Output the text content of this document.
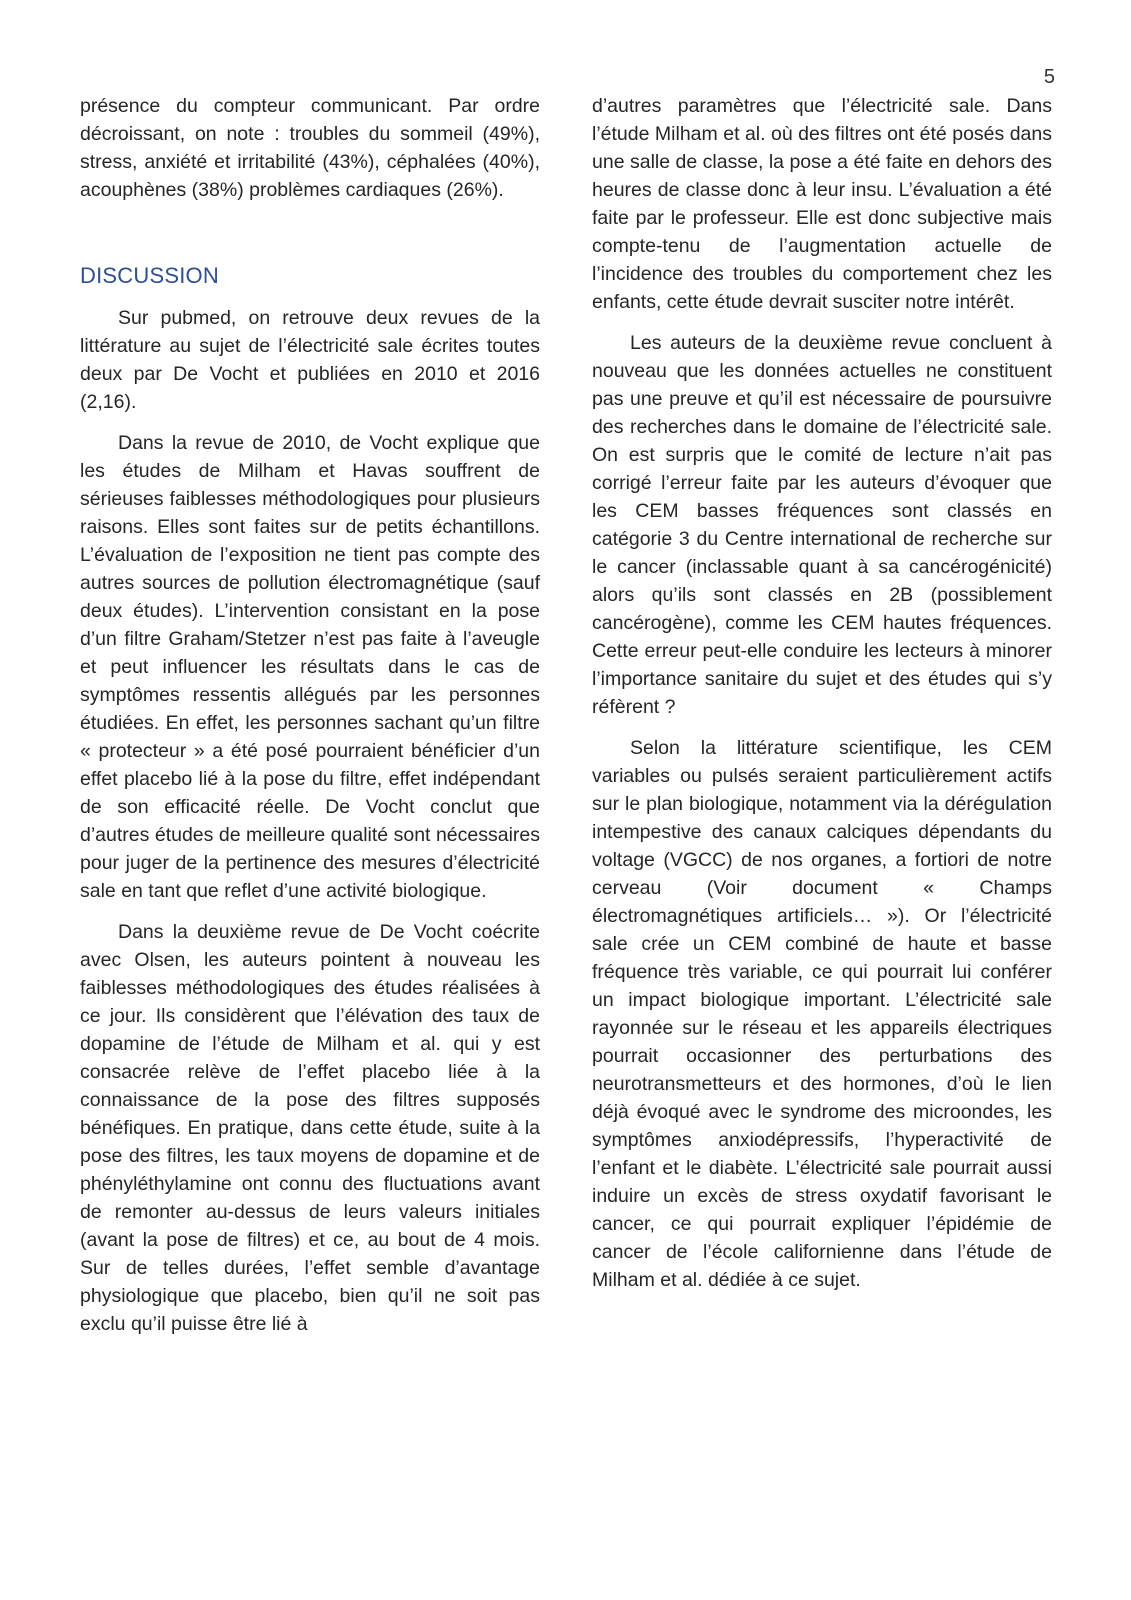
5

présence du compteur communicant. Par ordre décroissant, on note : troubles du sommeil (49%), stress, anxiété et irritabilité (43%), céphalées (40%), acouphènes (38%) problèmes cardiaques (26%).

DISCUSSION

Sur pubmed, on retrouve deux revues de la littérature au sujet de l’électricité sale écrites toutes deux par De Vocht et publiées en 2010 et 2016 (2,16).

Dans la revue de 2010, de Vocht explique que les études de Milham et Havas souffrent de sérieuses faiblesses méthodologiques pour plusieurs raisons. Elles sont faites sur de petits échantillons. L’évaluation de l’exposition ne tient pas compte des autres sources de pollution électromagnétique (sauf deux études). L’intervention consistant en la pose d’un filtre Graham/Stetzer n’est pas faite à l’aveugle et peut influencer les résultats dans le cas de symptômes ressentis allégués par les personnes étudiées. En effet, les personnes sachant qu’un filtre « protecteur » a été posé pourraient bénéficier d’un effet placebo lié à la pose du filtre, effet indépendant de son efficacité réelle. De Vocht conclut que d’autres études de meilleure qualité sont nécessaires pour juger de la pertinence des mesures d’électricité sale en tant que reflet d’une activité biologique.

Dans la deuxième revue de De Vocht coécrite avec Olsen, les auteurs pointent à nouveau les faiblesses méthodologiques des études réalisées à ce jour. Ils considèrent que l’élévation des taux de dopamine de l’étude de Milham et al. qui y est consacrée relève de l’effet placebo liée à la connaissance de la pose des filtres supposés bénéfiques. En pratique, dans cette étude, suite à la pose des filtres, les taux moyens de dopamine et de phényléthylamine ont connu des fluctuations avant de remonter au-dessus de leurs valeurs initiales (avant la pose de filtres) et ce, au bout de 4 mois. Sur de telles durées, l’effet semble d’avantage physiologique que placebo, bien qu’il ne soit pas exclu qu’il puisse être lié à

d’autres paramètres que l’électricité sale. Dans l’étude Milham et al. où des filtres ont été posés dans une salle de classe, la pose a été faite en dehors des heures de classe donc à leur insu. L’évaluation a été faite par le professeur. Elle est donc subjective mais compte-tenu de l’augmentation actuelle de l’incidence des troubles du comportement chez les enfants, cette étude devrait susciter notre intérêt.

Les auteurs de la deuxième revue concluent à nouveau que les données actuelles ne constituent pas une preuve et qu’il est nécessaire de poursuivre des recherches dans le domaine de l’électricité sale. On est surpris que le comité de lecture n’ait pas corrigé l’erreur faite par les auteurs d’évoquer que les CEM basses fréquences sont classés en catégorie 3 du Centre international de recherche sur le cancer (inclassable quant à sa cancérogénicité) alors qu’ils sont classés en 2B (possiblement cancérogène), comme les CEM hautes fréquences. Cette erreur peut-elle conduire les lecteurs à minorer l’importance sanitaire du sujet et des études qui s’y réfèrent ?

Selon la littérature scientifique, les CEM variables ou pulsés seraient particulièrement actifs sur le plan biologique, notamment via la dérégulation intempestive des canaux calciques dépendants du voltage (VGCC) de nos organes, a fortiori de notre cerveau (Voir document « Champs électromagnétiques artificiels… »). Or l’électricité sale crée un CEM combiné de haute et basse fréquence très variable, ce qui pourrait lui conférer un impact biologique important. L’électricité sale rayonnée sur le réseau et les appareils électriques pourrait occasionner des perturbations des neurotransmetteurs et des hormones, d’où le lien déjà évoqué avec le syndrome des microondes, les symptômes anxiodépressifs, l’hyperactivité de l’enfant et le diabète. L’électricité sale pourrait aussi induire un excès de stress oxydatif favorisant le cancer, ce qui pourrait expliquer l’épidémie de cancer de l’école californienne dans l’étude de Milham et al. dédiée à ce sujet.
